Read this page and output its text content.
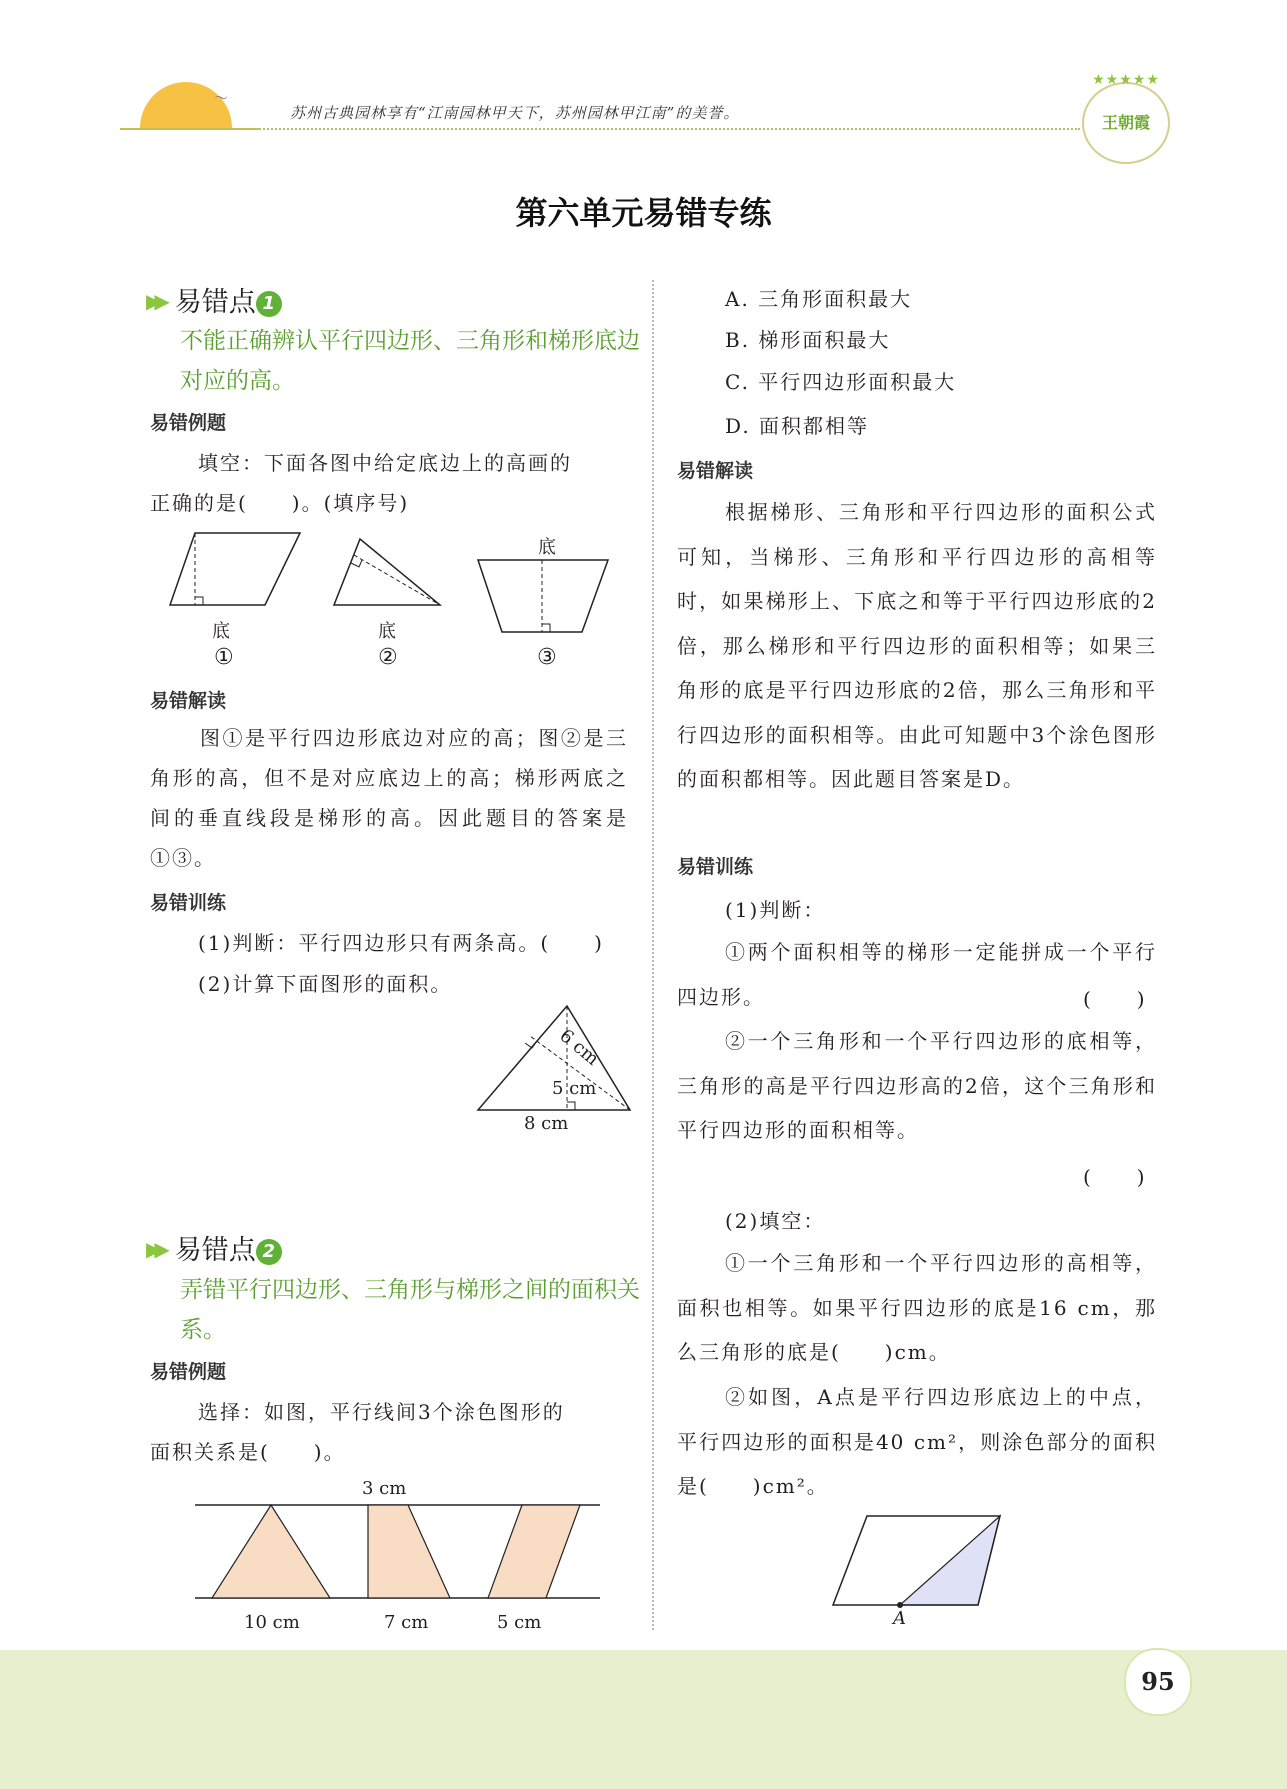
〜
苏州古典园林享有“江南园林甲天下，苏州园林甲江南”的美誉。
★★★★★
王朝霞
第六单元易错专练
▶▶ 易错点 1
不能正确辨认平行四边形、三角形和梯形底边对应的高。
易错例题
填空：下面各图中给定底边上的高画的
正确的是(　　)。(填序号)
底	底
底
①	②	③
易错解读
图①是平行四边形底边对应的高；图②是三角形的高，但不是对应底边上的高；梯形两底之间的垂直线段是梯形的高。因此题目的答案是①③。
易错训练
(1)判断：平行四边形只有两条高。(　　)
(2)计算下面图形的面积。
6 cm
5 cm
8 cm
▶▶ 易错点 2
弄错平行四边形、三角形与梯形之间的面积关系。
易错例题
选择：如图，平行线间3个涂色图形的
面积关系是(　　)。
3 cm
10 cm	7 cm	5 cm
A. 三角形面积最大
B. 梯形面积最大
C. 平行四边形面积最大
D. 面积都相等
易错解读
根据梯形、三角形和平行四边形的面积公式可知，当梯形、三角形和平行四边形的高相等时，如果梯形上、下底之和等于平行四边形底的2倍，那么梯形和平行四边形的面积相等；如果三角形的底是平行四边形底的2倍，那么三角形和平行四边形的面积相等。由此可知题中3个涂色图形的面积都相等。因此题目答案是D。
易错训练
(1)判断：
①两个面积相等的梯形一定能拼成一个平行四边形。	(　　)
②一个三角形和一个平行四边形的底相等，三角形的高是平行四边形高的2倍，这个三角形和平行四边形的面积相等。
(　　)
(2)填空：
①一个三角形和一个平行四边形的高相等，面积也相等。如果平行四边形的底是16 cm，那么三角形的底是(　　)cm。
②如图，A点是平行四边形底边上的中点，平行四边形的面积是40 cm²，则涂色部分的面积是(　　)cm²。
A
95
